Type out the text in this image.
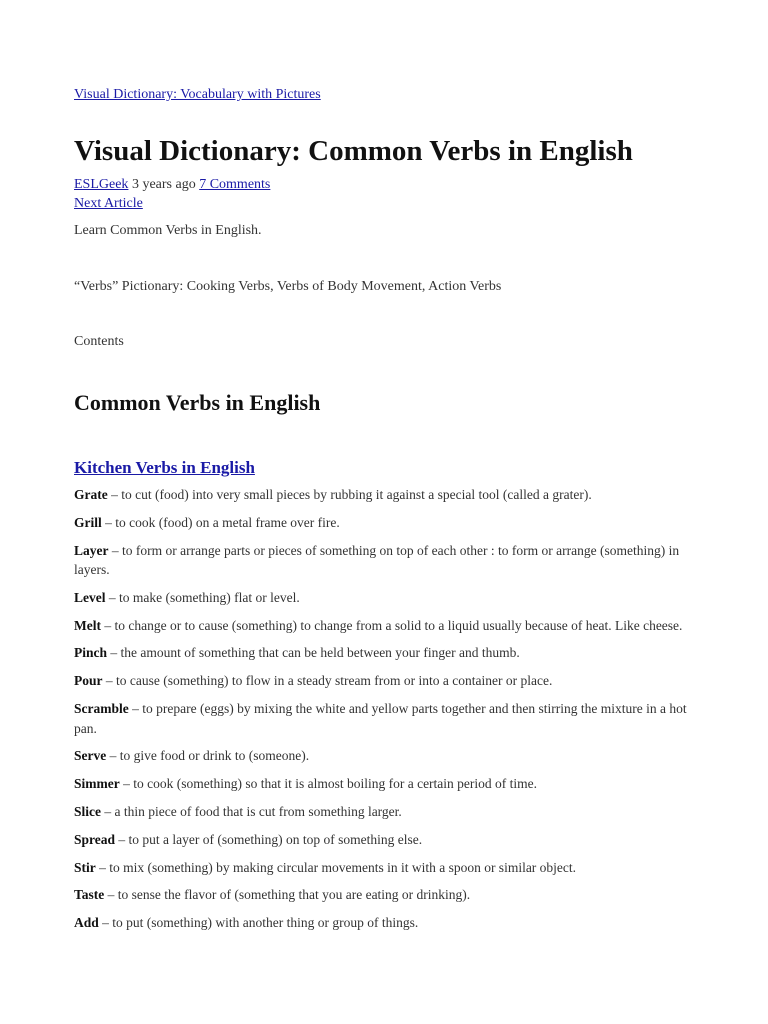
Visual Dictionary: Vocabulary with Pictures
Visual Dictionary: Common Verbs in English
ESLGeek 3 years ago 7 Comments
Next Article

Learn Common Verbs in English.

“Verbs” Pictionary: Cooking Verbs, Verbs of Body Movement, Action Verbs

Contents
Common Verbs in English
Kitchen Verbs in English
Grate – to cut (food) into very small pieces by rubbing it against a special tool (called a grater).
Grill – to cook (food) on a metal frame over fire.
Layer – to form or arrange parts or pieces of something on top of each other : to form or arrange (something) in layers.
Level – to make (something) flat or level.
Melt – to change or to cause (something) to change from a solid to a liquid usually because of heat. Like cheese.
Pinch – the amount of something that can be held between your finger and thumb.
Pour – to cause (something) to flow in a steady stream from or into a container or place.
Scramble – to prepare (eggs) by mixing the white and yellow parts together and then stirring the mixture in a hot pan.
Serve – to give food or drink to (someone).
Simmer – to cook (something) so that it is almost boiling for a certain period of time.
Slice – a thin piece of food that is cut from something larger.
Spread – to put a layer of (something) on top of something else.
Stir – to mix (something) by making circular movements in it with a spoon or similar object.
Taste – to sense the flavor of (something that you are eating or drinking).
Add – to put (something) with another thing or group of things.
